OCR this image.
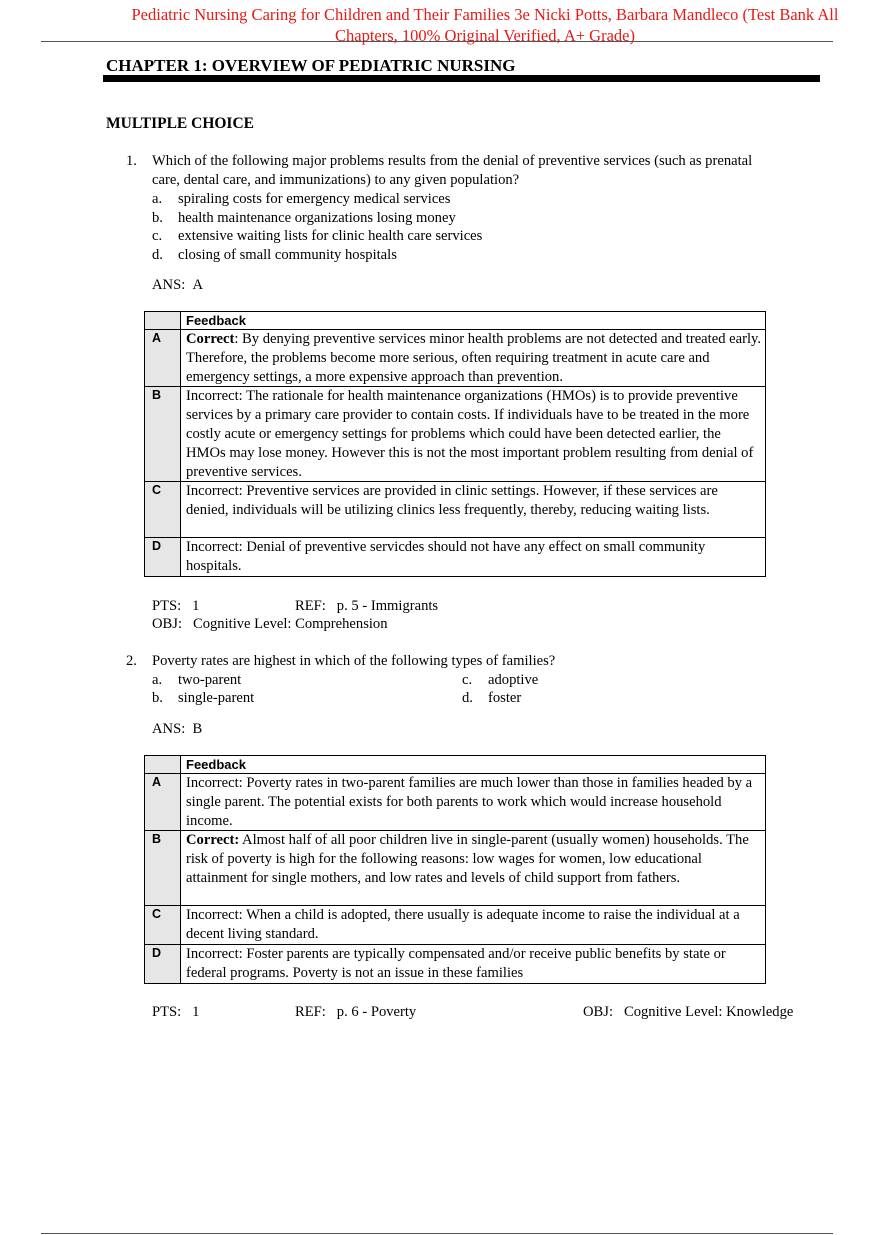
Pediatric Nursing Caring for Children and Their Families 3e Nicki Potts, Barbara Mandleco (Test Bank All
Chapters, 100% Original Verified, A+ Grade)
CHAPTER 1: OVERVIEW OF PEDIATRIC NURSING
MULTIPLE CHOICE
1. Which of the following major problems results from the denial of preventive services (such as prenatal
care, dental care, and immunizations) to any given population?
a. spiraling costs for emergency medical services
b. health maintenance organizations losing money
c. extensive waiting lists for clinic health care services
d. closing of small community hospitals
ANS: A
	Feedback
A	Correct: By denying preventive services minor health problems are not detected and treated early. Therefore, the problems become more serious, often requiring treatment in acute care and emergency settings, a more expensive approach than prevention.
B	Incorrect: The rationale for health maintenance organizations (HMOs) is to provide preventive services by a primary care provider to contain costs. If individuals have to be treated in the more costly acute or emergency settings for problems which could have been detected earlier, the HMOs may lose money. However this is not the most important problem resulting from denial of preventive services.
C	Incorrect: Preventive services are provided in clinic settings. However, if these services are denied, individuals will be utilizing clinics less frequently, thereby, reducing waiting lists.
D	Incorrect: Denial of preventive servicdes should not have any effect on small community hospitals.
PTS: 1	REF: p. 5 - Immigrants
OBJ: Cognitive Level: Comprehension
2. Poverty rates are highest in which of the following types of families?
a. two-parent
b. single-parent
c. adoptive
d. foster
ANS: B
	Feedback
A	Incorrect: Poverty rates in two-parent families are much lower than those in families headed by a single parent. The potential exists for both parents to work which would increase household income.
B	Correct: Almost half of all poor children live in single-parent (usually women) households. The risk of poverty is high for the following reasons: low wages for women, low educational attainment for single mothers, and low rates and levels of child support from fathers.
C	Incorrect: When a child is adopted, there usually is adequate income to raise the individual at a decent living standard.
D	Incorrect: Foster parents are typically compensated and/or receive public benefits by state or federal programs. Poverty is not an issue in these families
PTS: 1	REF: p. 6 - Poverty	OBJ: Cognitive Level: Knowledge
